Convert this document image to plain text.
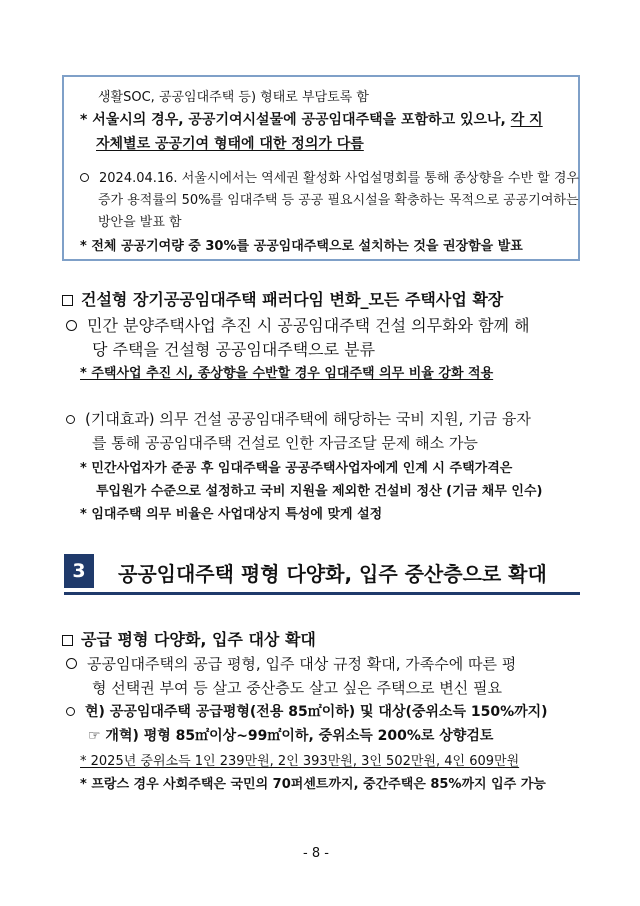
생활SOC, 공공임대주택 등) 형태로 부담토록 함
* 서울시의 경우, 공공기여시설물에 공공임대주택을 포함하고 있으나, 각 지
자체별로 공공기여 형태에 대한 정의가 다름
2024.04.16. 서울시에서는 역세권 활성화 사업설명회를 통해 종상향을 수반 할 경우
증가 용적률의 50%를 임대주택 등 공공 필요시설을 확충하는 목적으로 공공기여하는
방안을 발표 함
* 전체 공공기여량 중 30%를 공공임대주택으로 설치하는 것을 권장함을 발표
건설형 장기공공임대주택 패러다임 변화_모든 주택사업 확장
민간 분양주택사업 추진 시 공공임대주택 건설 의무화와 함께 해
당 주택을 건설형 공공임대주택으로 분류
* 주택사업 추진 시, 종상향을 수반할 경우 임대주택 의무 비율 강화 적용
(기대효과) 의무 건설 공공임대주택에 해당하는 국비 지원, 기금 융자
를 통해 공공임대주택 건설로 인한 자금조달 문제 해소 가능
* 민간사업자가 준공 후 임대주택을 공공주택사업자에게 인계 시 주택가격은
투입원가 수준으로 설정하고 국비 지원을 제외한 건설비 정산 (기금 채무 인수)
* 임대주택 의무 비율은 사업대상지 특성에 맞게 설정
3	공공임대주택 평형 다양화, 입주 중산층으로 확대
공급 평형 다양화, 입주 대상 확대
공공임대주택의 공급 평형, 입주 대상 규정 확대, 가족수에 따른 평
형 선택권 부여 등 살고 중산층도 살고 싶은 주택으로 변신 필요
현) 공공임대주택 공급평형(전용 85㎡이하) 및 대상(중위소득 150%까지)
☞ 개혁) 평형 85㎡이상~99㎡이하, 중위소득 200%로 상향검토
* 2025년 중위소득 1인 239만원, 2인 393만원, 3인 502만원, 4인 609만원
* 프랑스 경우 사회주택은 국민의 70퍼센트까지, 중간주택은 85%까지 입주 가능
- 8 -
